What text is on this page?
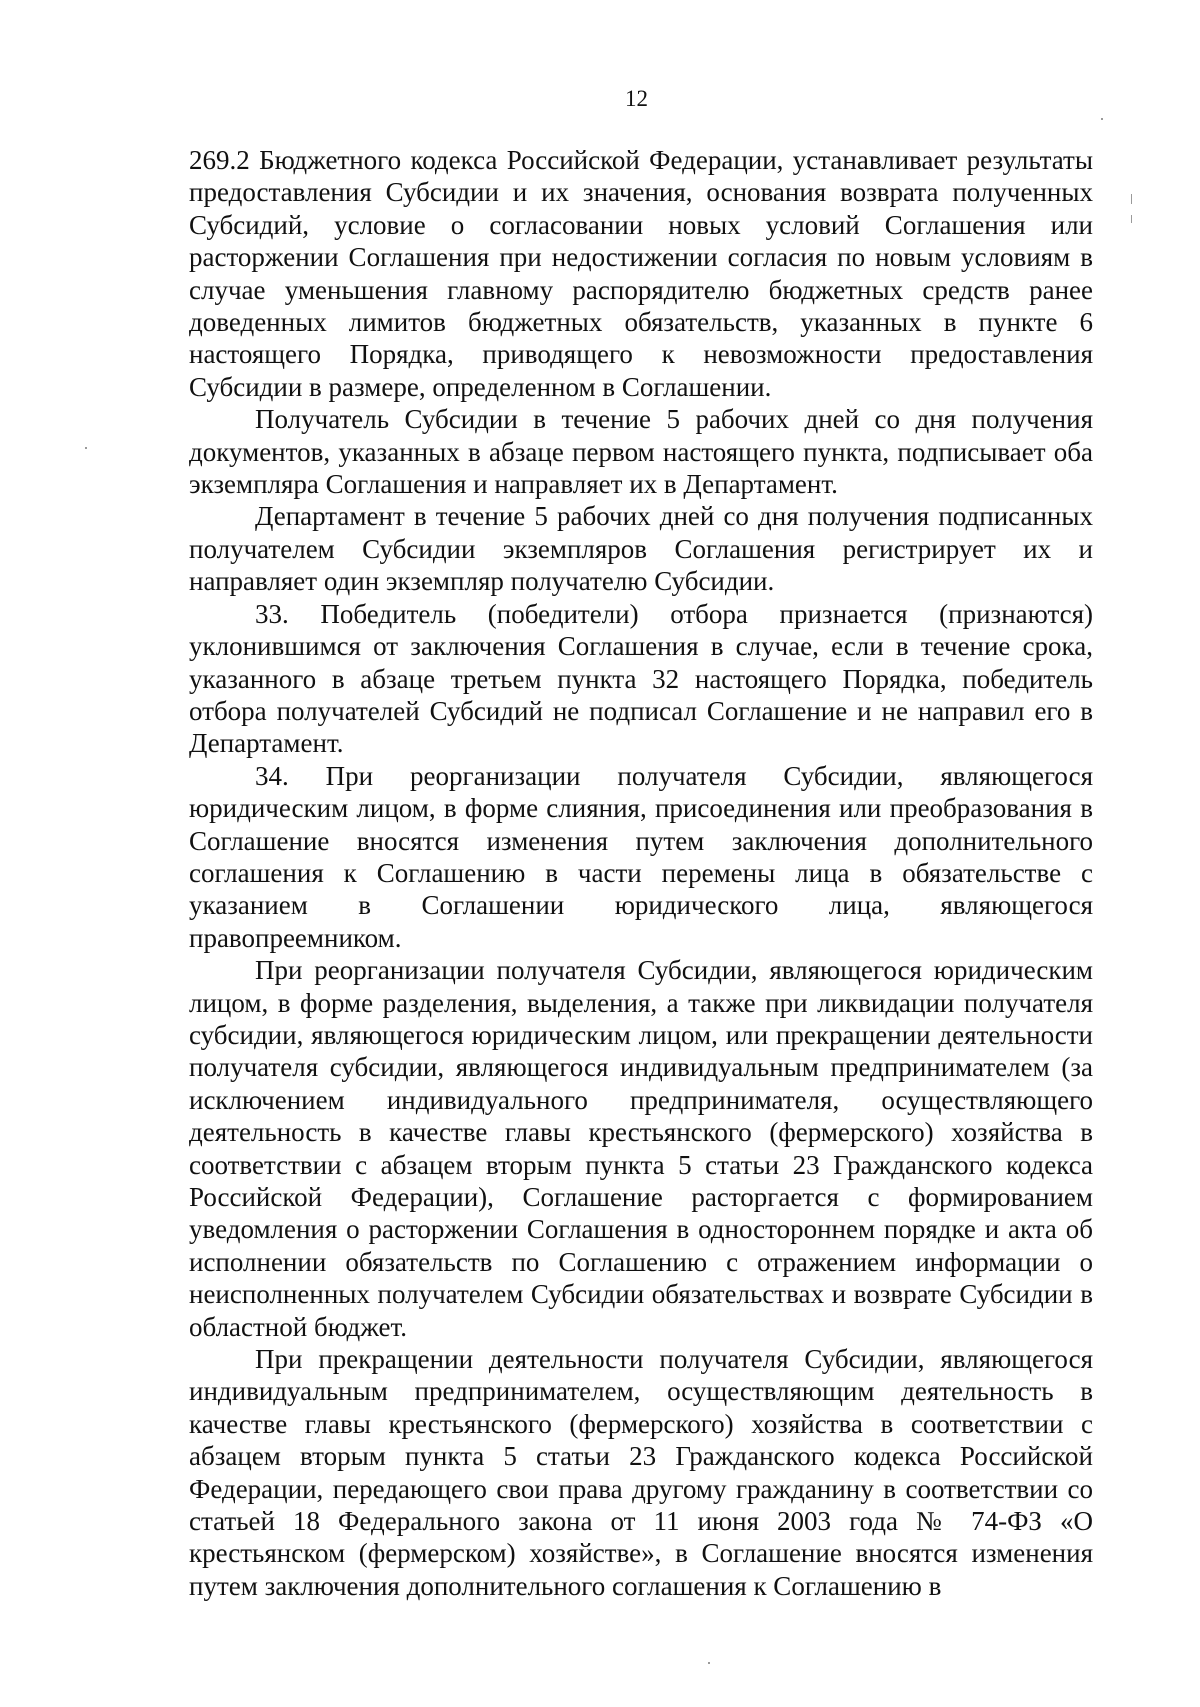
12

269.2 Бюджетного кодекса Российской Федерации, устанавливает результаты предоставления Субсидии и их значения, основания возврата полученных Субсидий, условие о согласовании новых условий Соглашения или расторжении Соглашения при недостижении согласия по новым условиям в случае уменьшения главному распорядителю бюджетных средств ранее доведенных лимитов бюджетных обязательств, указанных в пункте 6 настоящего Порядка, приводящего к невозможности предоставления Субсидии в размере, определенном в Соглашении.

Получатель Субсидии в течение 5 рабочих дней со дня получения документов, указанных в абзаце первом настоящего пункта, подписывает оба экземпляра Соглашения и направляет их в Департамент.

Департамент в течение 5 рабочих дней со дня получения подписанных получателем Субсидии экземпляров Соглашения регистрирует их и направляет один экземпляр получателю Субсидии.

33. Победитель (победители) отбора признается (признаются) уклонившимся от заключения Соглашения в случае, если в течение срока, указанного в абзаце третьем пункта 32 настоящего Порядка, победитель отбора получателей Субсидий не подписал Соглашение и не направил его в Департамент.

34. При реорганизации получателя Субсидии, являющегося юридическим лицом, в форме слияния, присоединения или преобразования в Соглашение вносятся изменения путем заключения дополнительного соглашения к Соглашению в части перемены лица в обязательстве с указанием в Соглашении юридического лица, являющегося правопреемником.

При реорганизации получателя Субсидии, являющегося юридическим лицом, в форме разделения, выделения, а также при ликвидации получателя субсидии, являющегося юридическим лицом, или прекращении деятельности получателя субсидии, являющегося индивидуальным предпринимателем (за исключением индивидуального предпринимателя, осуществляющего деятельность в качестве главы крестьянского (фермерского) хозяйства в соответствии с абзацем вторым пункта 5 статьи 23 Гражданского кодекса Российской Федерации), Соглашение расторгается с формированием уведомления о расторжении Соглашения в одностороннем порядке и акта об исполнении обязательств по Соглашению с отражением информации о неисполненных получателем Субсидии обязательствах и возврате Субсидии в областной бюджет.

При прекращении деятельности получателя Субсидии, являющегося индивидуальным предпринимателем, осуществляющим деятельность в качестве главы крестьянского (фермерского) хозяйства в соответствии с абзацем вторым пункта 5 статьи 23 Гражданского кодекса Российской Федерации, передающего свои права другому гражданину в соответствии со статьей 18 Федерального закона от 11 июня 2003 года № 74-ФЗ «О крестьянском (фермерском) хозяйстве», в Соглашение вносятся изменения путем заключения дополнительного соглашения к Соглашению в
